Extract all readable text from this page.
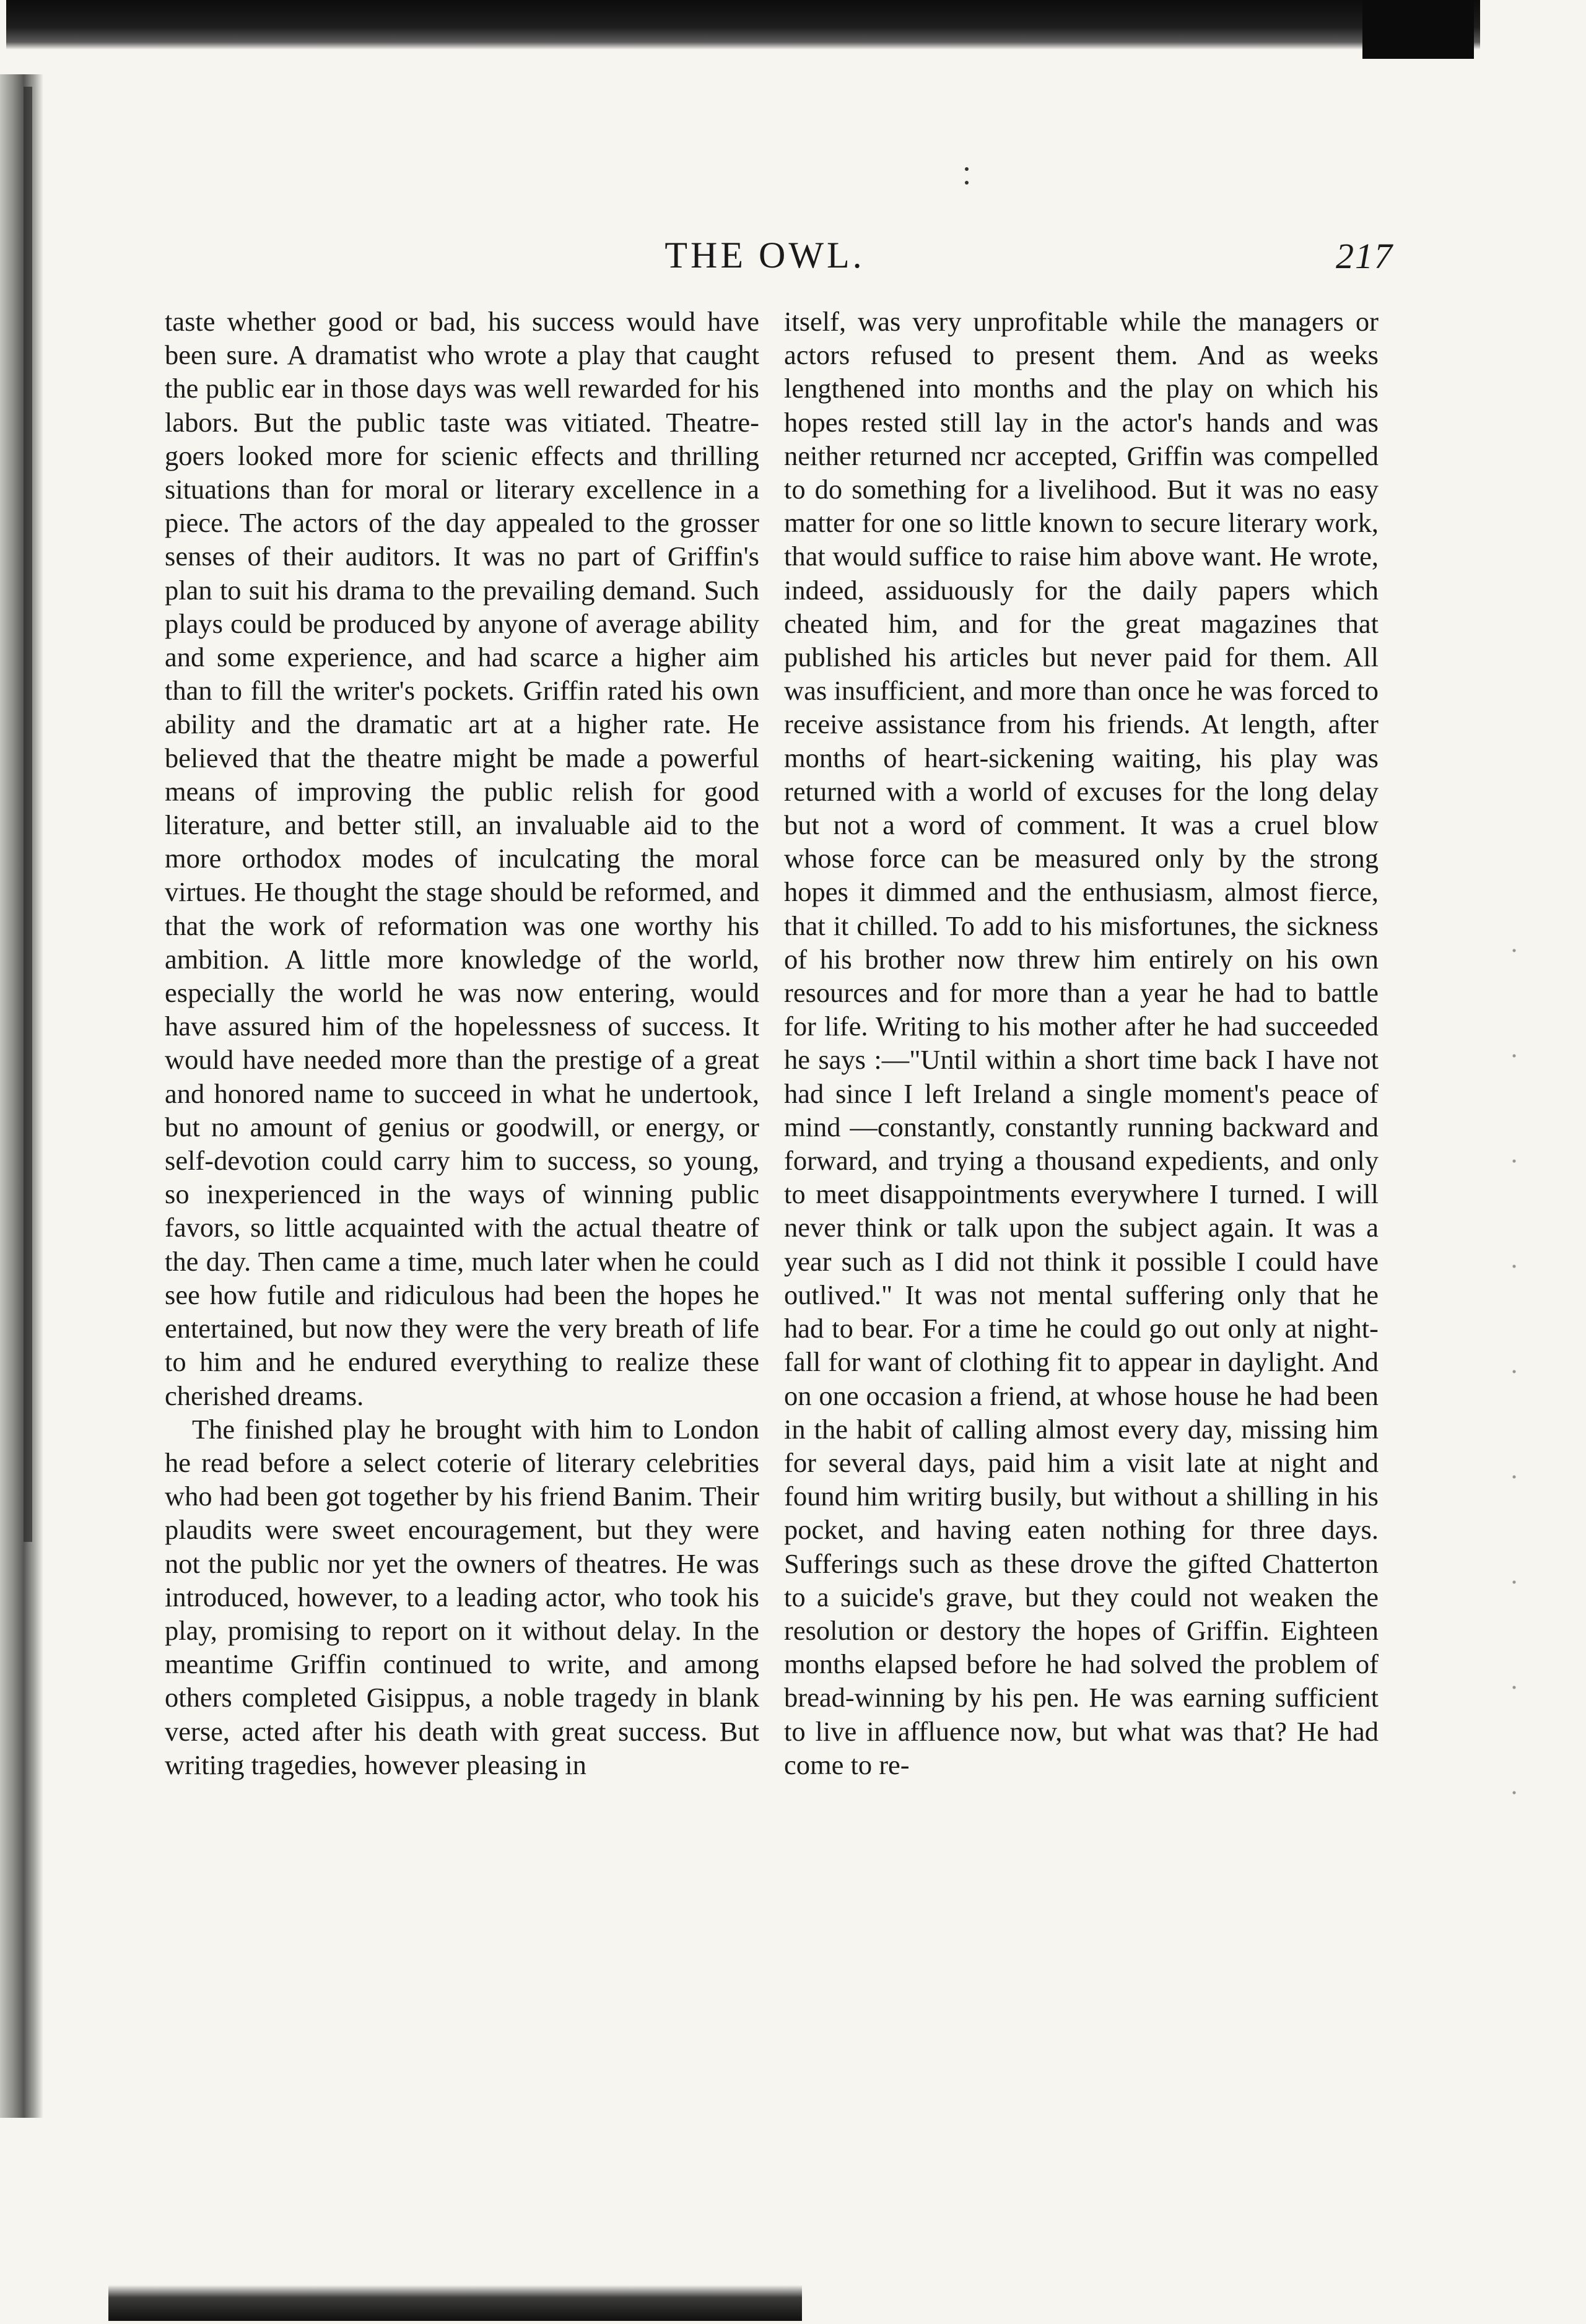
THE OWL.	217

taste whether good or bad, his success would have been sure. A dramatist who wrote a play that caught the public ear in those days was well rewarded for his labors. But the public taste was vitiated. Theatre-goers looked more for scienic effects and thrilling situations than for moral or literary excellence in a piece. The actors of the day appealed to the grosser senses of their auditors. It was no part of Griffin's plan to suit his drama to the prevailing demand. Such plays could be produced by anyone of average ability and some experience, and had scarce a higher aim than to fill the writer's pockets. Griffin rated his own ability and the dramatic art at a higher rate. He believed that the theatre might be made a powerful means of improving the public relish for good literature, and better still, an invaluable aid to the more orthodox modes of inculcating the moral virtues. He thought the stage should be reformed, and that the work of reformation was one worthy his ambition. A little more knowledge of the world, especially the world he was now entering, would have assured him of the hopelessness of success. It would have needed more than the prestige of a great and honored name to succeed in what he undertook, but no amount of genius or goodwill, or energy, or self-devotion could carry him to success, so young, so inexperienced in the ways of winning public favors, so little acquainted with the actual theatre of the day. Then came a time, much later when he could see how futile and ridiculous had been the hopes he entertained, but now they were the very breath of life to him and he endured everything to realize these cherished dreams.

The finished play he brought with him to London he read before a select coterie of literary celebrities who had been got together by his friend Banim. Their plaudits were sweet encouragement, but they were not the public nor yet the owners of theatres. He was introduced, however, to a leading actor, who took his play, promising to report on it without delay. In the meantime Griffin continued to write, and among others completed Gisippus, a noble tragedy in blank verse, acted after his death with great success. But writing tragedies, however pleasing in

itself, was very unprofitable while the managers or actors refused to present them. And as weeks lengthened into months and the play on which his hopes rested still lay in the actor's hands and was neither returned ncr accepted, Griffin was compelled to do something for a livelihood. But it was no easy matter for one so little known to secure literary work, that would suffice to raise him above want. He wrote, indeed, assiduously for the daily papers which cheated him, and for the great magazines that published his articles but never paid for them. All was insufficient, and more than once he was forced to receive assistance from his friends. At length, after months of heart-sickening waiting, his play was returned with a world of excuses for the long delay but not a word of comment. It was a cruel blow whose force can be measured only by the strong hopes it dimmed and the enthusiasm, almost fierce, that it chilled. To add to his misfortunes, the sickness of his brother now threw him entirely on his own resources and for more than a year he had to battle for life. Writing to his mother after he had succeeded he says :—"Until within a short time back I have not had since I left Ireland a single moment's peace of mind —constantly, constantly running backward and forward, and trying a thousand expedients, and only to meet disappointments everywhere I turned. I will never think or talk upon the subject again. It was a year such as I did not think it possible I could have outlived." It was not mental suffering only that he had to bear. For a time he could go out only at night-fall for want of clothing fit to appear in daylight. And on one occasion a friend, at whose house he had been in the habit of calling almost every day, missing him for several days, paid him a visit late at night and found him writirg busily, but without a shilling in his pocket, and having eaten nothing for three days. Sufferings such as these drove the gifted Chatterton to a suicide's grave, but they could not weaken the resolution or destory the hopes of Griffin. Eighteen months elapsed before he had solved the problem of bread-winning by his pen. He was earning sufficient to live in affluence now, but what was that? He had come to re-
